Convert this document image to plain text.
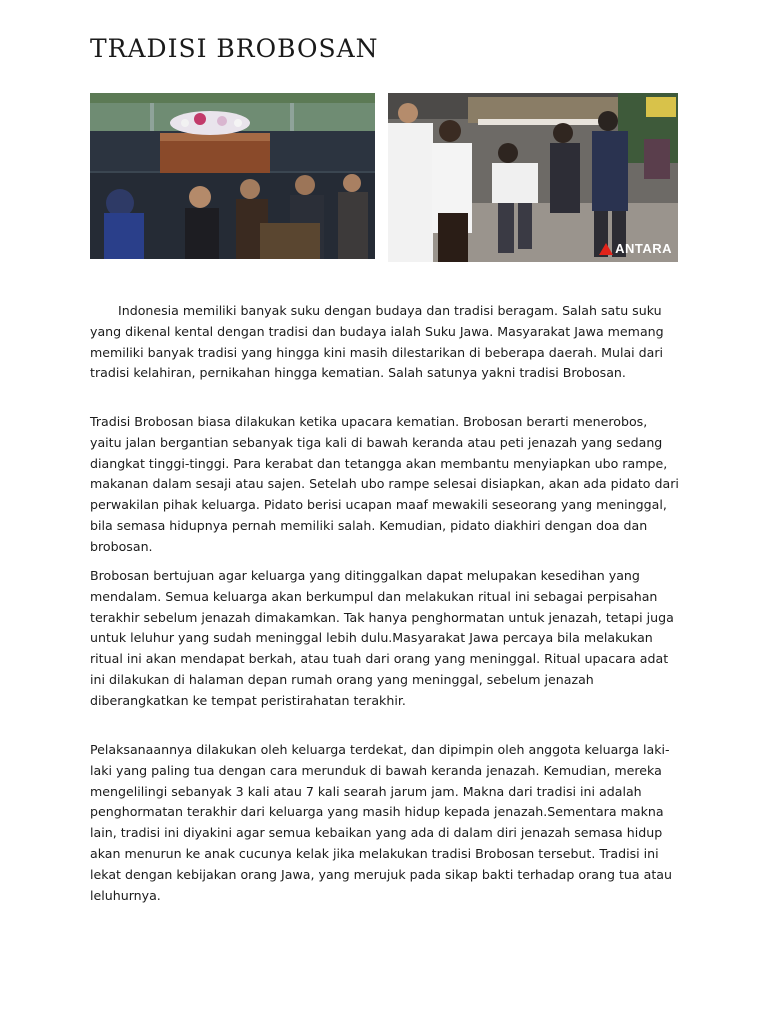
TRADISI BROBOSAN
ANTARA

Indonesia memiliki banyak suku dengan budaya dan tradisi beragam. Salah satu suku yang dikenal kental dengan tradisi dan budaya ialah Suku Jawa. Masyarakat Jawa memang memiliki banyak tradisi yang hingga kini masih dilestarikan di beberapa daerah. Mulai dari tradisi kelahiran, pernikahan hingga kematian. Salah satunya yakni tradisi Brobosan.

Tradisi Brobosan biasa dilakukan ketika upacara kematian. Brobosan berarti menerobos, yaitu jalan bergantian sebanyak tiga kali di bawah keranda atau peti jenazah yang sedang diangkat tinggi-tinggi. Para kerabat dan tetangga akan membantu menyiapkan ubo rampe, makanan dalam sesaji atau sajen. Setelah ubo rampe selesai disiapkan, akan ada pidato dari perwakilan pihak keluarga. Pidato berisi ucapan maaf mewakili seseorang yang meninggal, bila semasa hidupnya pernah memiliki salah. Kemudian, pidato diakhiri dengan doa dan brobosan.

Brobosan bertujuan agar keluarga yang ditinggalkan dapat melupakan kesedihan yang mendalam. Semua keluarga akan berkumpul dan melakukan ritual ini sebagai perpisahan terakhir sebelum jenazah dimakamkan. Tak hanya penghormatan untuk jenazah, tetapi juga untuk leluhur yang sudah meninggal lebih dulu.Masyarakat Jawa percaya bila melakukan ritual ini akan mendapat berkah, atau tuah dari orang yang meninggal. Ritual upacara adat ini dilakukan di halaman depan rumah orang yang meninggal, sebelum jenazah diberangkatkan ke tempat peristirahatan terakhir.

Pelaksanaannya dilakukan oleh keluarga terdekat, dan dipimpin oleh anggota keluarga laki-laki yang paling tua dengan cara merunduk di bawah keranda jenazah. Kemudian, mereka mengelilingi sebanyak 3 kali atau 7 kali searah jarum jam. Makna dari tradisi ini adalah penghormatan terakhir dari keluarga yang masih hidup kepada jenazah.Sementara makna lain, tradisi ini diyakini agar semua kebaikan yang ada di dalam diri jenazah semasa hidup akan menurun ke anak cucunya kelak jika melakukan tradisi Brobosan tersebut. Tradisi ini lekat dengan kebijakan orang Jawa, yang merujuk pada sikap bakti terhadap orang tua atau leluhurnya.
